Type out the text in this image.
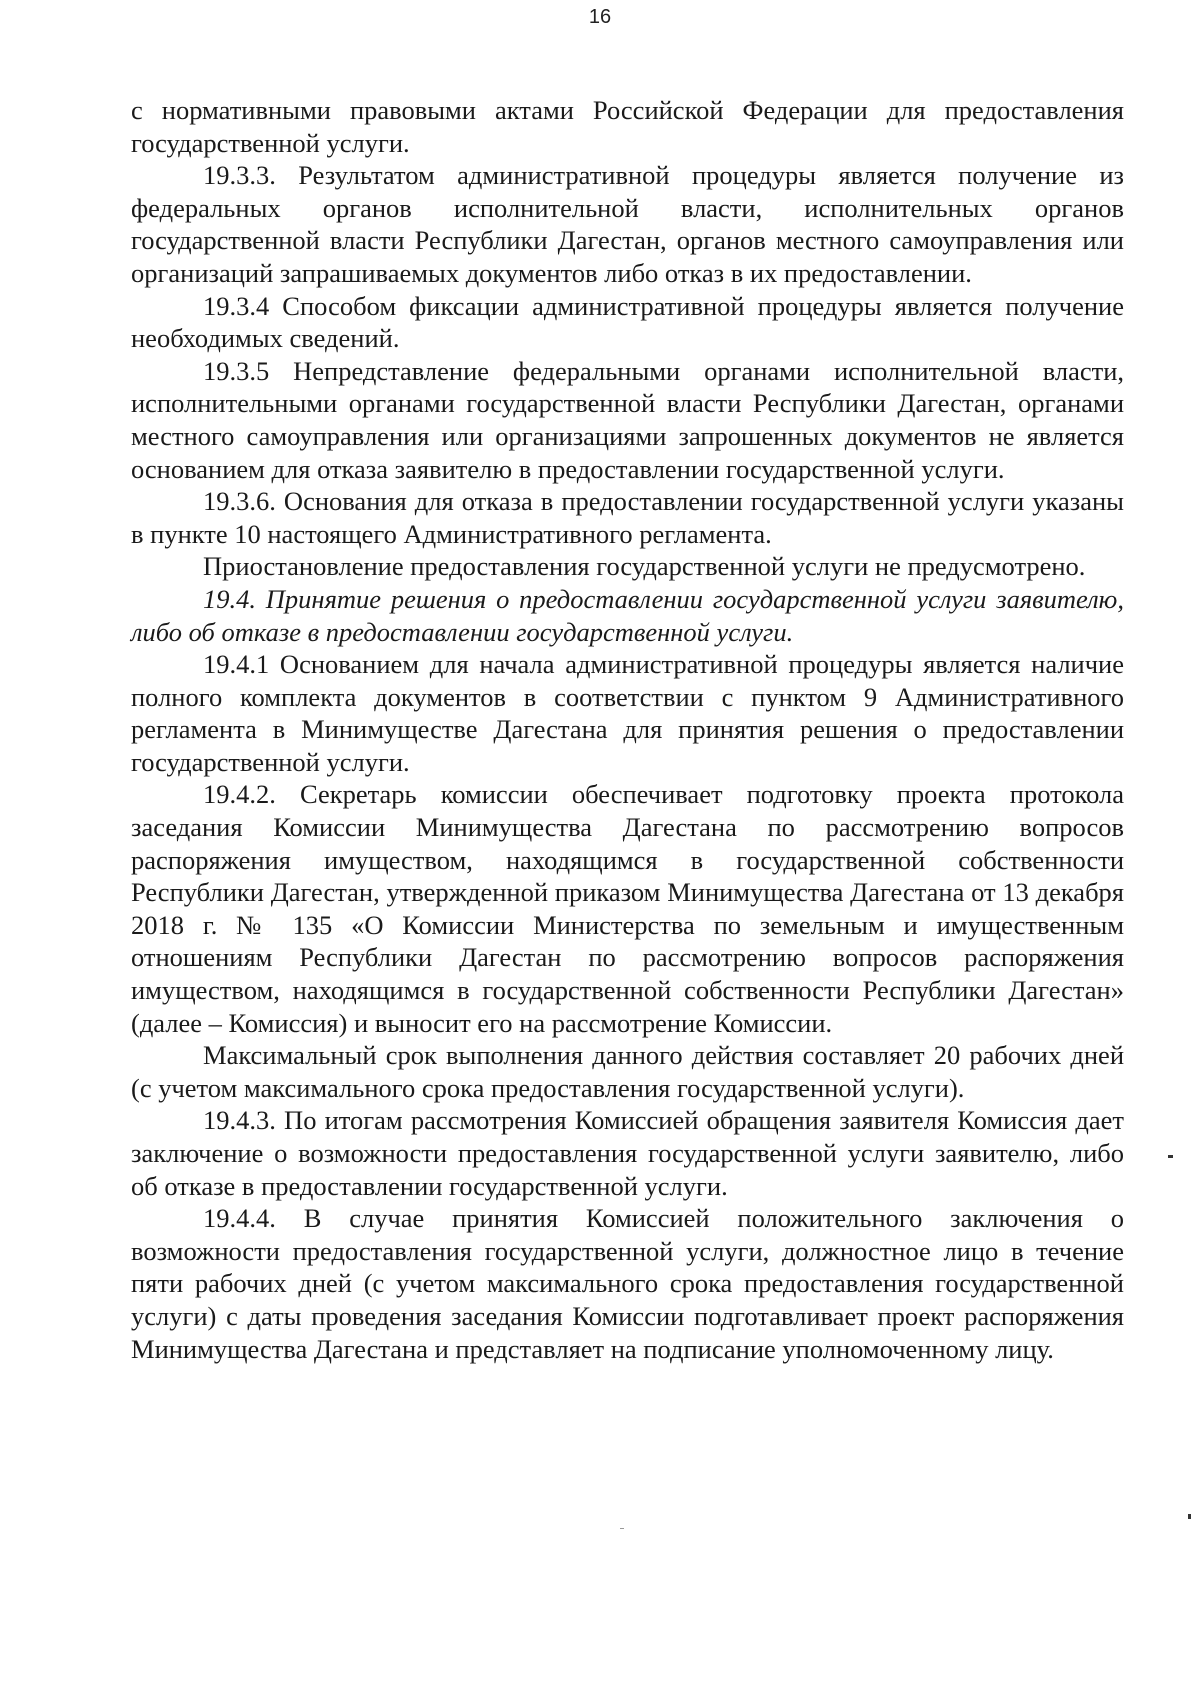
16

с нормативными правовыми актами Российской Федерации для предоставления государственной услуги.

19.3.3. Результатом административной процедуры является получение из федеральных органов исполнительной власти, исполнительных органов государственной власти Республики Дагестан, органов местного самоуправления или организаций запрашиваемых документов либо отказ в их предоставлении.

19.3.4 Способом фиксации административной процедуры является получение необходимых сведений.

19.3.5 Непредставление федеральными органами исполнительной власти, исполнительными органами государственной власти Республики Дагестан, органами местного самоуправления или организациями запрошенных документов не является основанием для отказа заявителю в предоставлении государственной услуги.

19.3.6. Основания для отказа в предоставлении государственной услуги указаны в пункте 10 настоящего Административного регламента.

Приостановление предоставления государственной услуги не предусмотрено.

19.4. Принятие решения о предоставлении государственной услуги заявителю, либо об отказе в предоставлении государственной услуги.

19.4.1 Основанием для начала административной процедуры является наличие полного комплекта документов в соответствии с пунктом 9 Административного регламента в Минимуществе Дагестана для принятия решения о предоставлении государственной услуги.

19.4.2. Секретарь комиссии обеспечивает подготовку проекта протокола заседания Комиссии Минимущества Дагестана по рассмотрению вопросов распоряжения имуществом, находящимся в государственной собственности Республики Дагестан, утвержденной приказом Минимущества Дагестана от 13 декабря 2018 г. № 135 «О Комиссии Министерства по земельным и имущественным отношениям Республики Дагестан по рассмотрению вопросов распоряжения имуществом, находящимся в государственной собственности Республики Дагестан» (далее – Комиссия) и выносит его на рассмотрение Комиссии.

Максимальный срок выполнения данного действия составляет 20 рабочих дней (с учетом максимального срока предоставления государственной услуги).

19.4.3. По итогам рассмотрения Комиссией обращения заявителя Комиссия дает заключение о возможности предоставления государственной услуги заявителю, либо об отказе в предоставлении государственной услуги.

19.4.4. В случае принятия Комиссией положительного заключения о возможности предоставления государственной услуги, должностное лицо в течение пяти рабочих дней (с учетом максимального срока предоставления государственной услуги) с даты проведения заседания Комиссии подготавливает проект распоряжения Минимущества Дагестана и представляет на подписание уполномоченному лицу.
